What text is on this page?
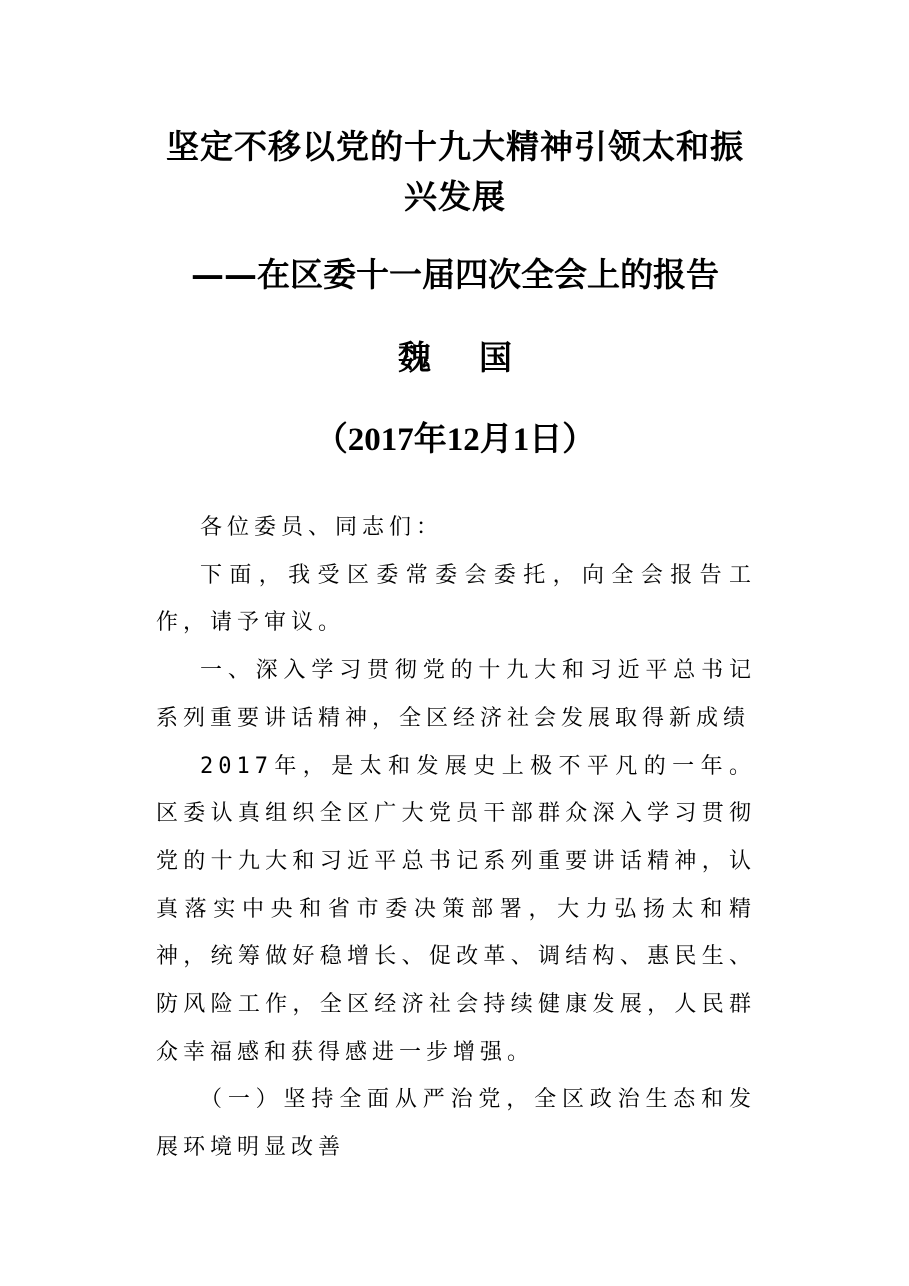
坚定不移以党的十九大精神引领太和振兴发展
——在区委十一届四次全会上的报告
魏国
（2017年12月1日）

各位委员、同志们：

下面，我受区委常委会委托，向全会报告工作，请予审议。

一、深入学习贯彻党的十九大和习近平总书记系列重要讲话精神，全区经济社会发展取得新成绩

2017年，是太和发展史上极不平凡的一年。区委认真组织全区广大党员干部群众深入学习贯彻党的十九大和习近平总书记系列重要讲话精神，认真落实中央和省市委决策部署，大力弘扬太和精神，统筹做好稳增长、促改革、调结构、惠民生、防风险工作，全区经济社会持续健康发展，人民群众幸福感和获得感进一步增强。

（一）坚持全面从严治党，全区政治生态和发展环境明显改善
